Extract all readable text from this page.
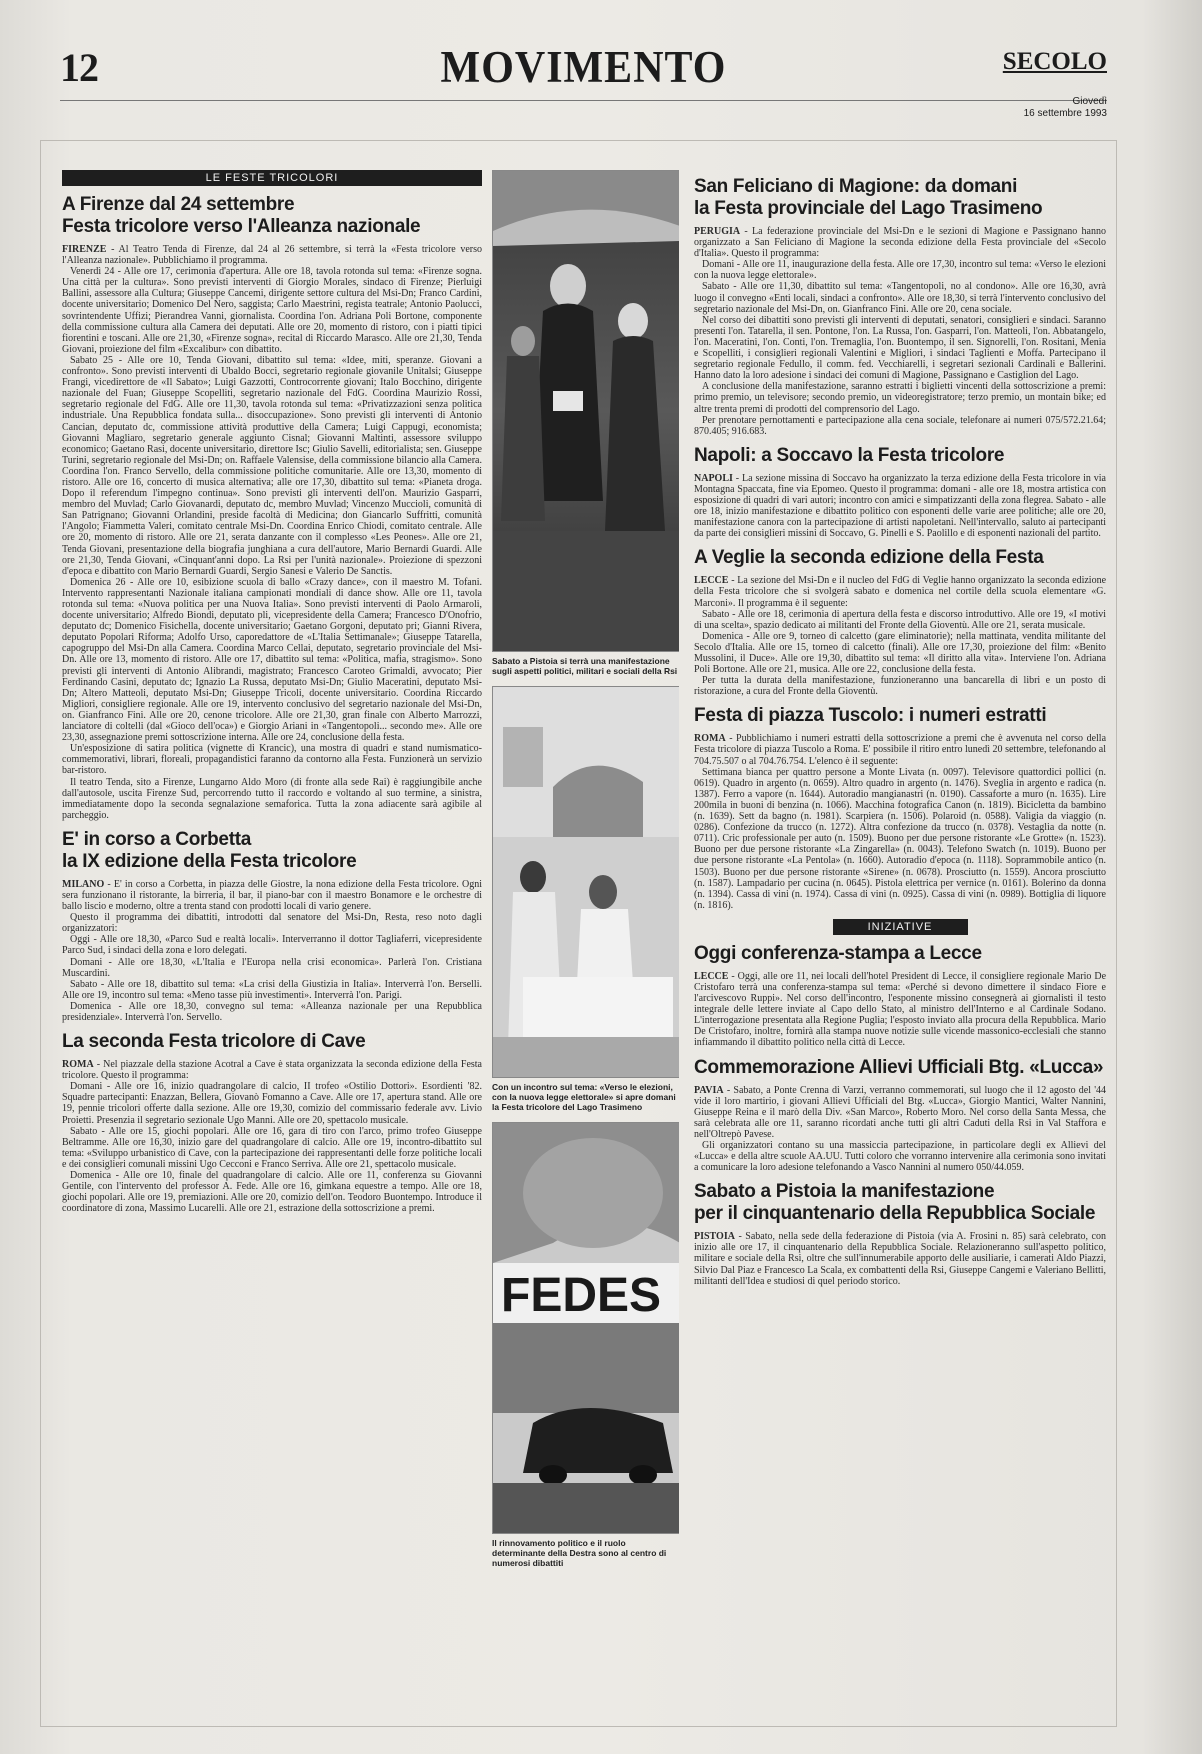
12	MOVIMENTO	SECOLO
Giovedì
16 settembre 1993
LE FESTE TRICOLORI
A Firenze dal 24 settembre
Festa tricolore verso l'Alleanza nazionale

FIRENZE - Al Teatro Tenda di Firenze, dal 24 al 26 settembre, si terrà la «Festa tricolore verso l'Alleanza nazionale». Pubblichiamo il programma.

Venerdì 24 - Alle ore 17, cerimonia d'apertura. Alle ore 18, tavola rotonda sul tema: «Firenze sogna. Una città per la cultura». Sono previsti interventi di Giorgio Morales, sindaco di Firenze; Pierluigi Ballini, assessore alla Cultura; Giuseppe Cancemi, dirigente settore cultura del Msi-Dn; Franco Cardini, docente universitario; Domenico Del Nero, saggista; Carlo Maestrini, regista teatrale; Antonio Paolucci, sovrintendente Uffizi; Pierandrea Vanni, giornalista. Coordina l'on. Adriana Poli Bortone, componente della commissione cultura alla Camera dei deputati. Alle ore 20, momento di ristoro, con i piatti tipici fiorentini e toscani. Alle ore 21,30, «Firenze sogna», recital di Riccardo Marasco. Alle ore 21,30, Tenda Giovani, proiezione del film «Excalibur» con dibattito.

Sabato 25 - Alle ore 10, Tenda Giovani, dibattito sul tema: «Idee, miti, speranze. Giovani a confronto». Sono previsti interventi di Ubaldo Bocci, segretario regionale giovanile Unitalsi; Giuseppe Frangi, vicedirettore de «Il Sabato»; Luigi Gazzotti, Controcorrente giovani; Italo Bocchino, dirigente nazionale del Fuan; Giuseppe Scopelliti, segretario nazionale del FdG. Coordina Maurizio Rossi, segretario regionale del FdG. Alle ore 11,30, tavola rotonda sul tema: «Privatizzazioni senza politica industriale. Una Repubblica fondata sulla... disoccupazione». Sono previsti gli interventi di Antonio Cancian, deputato dc, commissione attività produttive della Camera; Luigi Cappugi, economista; Giovanni Magliaro, segretario generale aggiunto Cisnal; Giovanni Maltinti, assessore sviluppo economico; Gaetano Rasi, docente universitario, direttore Isc; Giulio Savelli, editorialista; sen. Giuseppe Turini, segretario regionale del Msi-Dn; on. Raffaele Valensise, della commissione bilancio alla Camera. Coordina l'on. Franco Servello, della commissione politiche comunitarie. Alle ore 13,30, momento di ristoro. Alle ore 16, concerto di musica alternativa; alle ore 17,30, dibattito sul tema: «Pianeta droga. Dopo il referendum l'impegno continua». Sono previsti gli interventi dell'on. Maurizio Gasparri, membro del Muvlad; Carlo Giovanardi, deputato dc, membro Muvlad; Vincenzo Muccioli, comunità di San Patrignano; Giovanni Orlandini, preside facoltà di Medicina; don Giancarlo Suffritti, comunità l'Angolo; Fiammetta Valeri, comitato centrale Msi-Dn. Coordina Enrico Chiodi, comitato centrale. Alle ore 20, momento di ristoro. Alle ore 21, serata danzante con il complesso «Les Peones». Alle ore 21, Tenda Giovani, presentazione della biografia junghiana a cura dell'autore, Mario Bernardi Guardi. Alle ore 21,30, Tenda Giovani, «Cinquant'anni dopo. La Rsi per l'unità nazionale». Proiezione di spezzoni d'epoca e dibattito con Mario Bernardi Guardi, Sergio Sanesi e Valerio De Sanctis.

Domenica 26 - Alle ore 10, esibizione scuola di ballo «Crazy dance», con il maestro M. Tofani. Intervento rappresentanti Nazionale italiana campionati mondiali di dance show. Alle ore 11, tavola rotonda sul tema: «Nuova politica per una Nuova Italia». Sono previsti interventi di Paolo Armaroli, docente universitario; Alfredo Biondi, deputato pli, vicepresidente della Camera; Francesco D'Onofrio, deputato dc; Domenico Fisichella, docente universitario; Gaetano Gorgoni, deputato pri; Gianni Rivera, deputato Popolari Riforma; Adolfo Urso, caporedattore de «L'Italia Settimanale»; Giuseppe Tatarella, capogruppo del Msi-Dn alla Camera. Coordina Marco Cellai, deputato, segretario provinciale del Msi-Dn. Alle ore 13, momento di ristoro. Alle ore 17, dibattito sul tema: «Politica, mafia, stragismo». Sono previsti gli interventi di Antonio Alibrandi, magistrato; Francesco Caroteo Grimaldi, avvocato; Pier Ferdinando Casini, deputato dc; Ignazio La Russa, deputato Msi-Dn; Giulio Maceratini, deputato Msi-Dn; Altero Matteoli, deputato Msi-Dn; Giuseppe Tricoli, docente universitario. Coordina Riccardo Migliori, consigliere regionale. Alle ore 19, intervento conclusivo del segretario nazionale del Msi-Dn, on. Gianfranco Fini. Alle ore 20, cenone tricolore. Alle ore 21,30, gran finale con Alberto Marrozzi, lanciatore di coltelli (dal «Gioco dell'oca») e Giorgio Ariani in «Tangentopoli... secondo me». Alle ore 23,30, assegnazione premi sottoscrizione interna. Alle ore 24, conclusione della festa.

Un'esposizione di satira politica (vignette di Krancic), una mostra di quadri e stand numismatico-commemorativi, librari, floreali, propagandistici faranno da contorno alla Festa. Funzionerà un servizio bar-ristoro.

Il teatro Tenda, sito a Firenze, Lungarno Aldo Moro (di fronte alla sede Rai) è raggiungibile anche dall'autosole, uscita Firenze Sud, percorrendo tutto il raccordo e voltando al suo termine, a sinistra, immediatamente dopo la seconda segnalazione semaforica. Tutta la zona adiacente sarà agibile al parcheggio.

E' in corso a Corbetta
la IX edizione della Festa tricolore

MILANO - E' in corso a Corbetta, in piazza delle Giostre, la nona edizione della Festa tricolore. Ogni sera funzionano il ristorante, la birreria, il bar, il piano-bar con il maestro Bonamore e le orchestre di ballo liscio e moderno, oltre a trenta stand con prodotti locali di vario genere.

Questo il programma dei dibattiti, introdotti dal senatore del Msi-Dn, Resta, reso noto dagli organizzatori:

Oggi - Alle ore 18,30, «Parco Sud e realtà locali». Interverranno il dottor Tagliaferri, vicepresidente Parco Sud, i sindaci della zona e loro delegati.

Domani - Alle ore 18,30, «L'Italia e l'Europa nella crisi economica». Parlerà l'on. Cristiana Muscardini.

Sabato - Alle ore 18, dibattito sul tema: «La crisi della Giustizia in Italia». Interverrà l'on. Berselli. Alle ore 19, incontro sul tema: «Meno tasse più investimenti». Interverrà l'on. Parigi.

Domenica - Alle ore 18,30, convegno sul tema: «Alleanza nazionale per una Repubblica presidenziale». Interverrà l'on. Servello.

La seconda Festa tricolore di Cave

ROMA - Nel piazzale della stazione Acotral a Cave è stata organizzata la seconda edizione della Festa tricolore. Questo il programma:

Domani - Alle ore 16, inizio quadrangolare di calcio, II trofeo «Ostilio Dottori». Esordienti '82. Squadre partecipanti: Enazzan, Bellera, Giovanò Fomanno a Cave. Alle ore 17, apertura stand. Alle ore 19, pennie tricolori offerte dalla sezione. Alle ore 19,30, comizio del commissario federale avv. Livio Proietti. Presenzia il segretario sezionale Ugo Manni. Alle ore 20, spettacolo musicale.

Sabato - Alle ore 15, giochi popolari. Alle ore 16, gara di tiro con l'arco, primo trofeo Giuseppe Beltramme. Alle ore 16,30, inizio gare del quadrangolare di calcio. Alle ore 19, incontro-dibattito sul tema: «Sviluppo urbanistico di Cave, con la partecipazione dei rappresentanti delle forze politiche locali e dei consiglieri comunali missini Ugo Cecconi e Franco Serriva. Alle ore 21, spettacolo musicale.

Domenica - Alle ore 10, finale del quadrangolare di calcio. Alle ore 11, conferenza su Giovanni Gentile, con l'intervento del professor A. Fede. Alle ore 16, gimkana equestre a tempo. Alle ore 18, giochi popolari. Alle ore 19, premiazioni. Alle ore 20, comizio dell'on. Teodoro Buontempo. Introduce il coordinatore di zona, Massimo Lucarelli. Alle ore 21, estrazione della sottoscrizione a premi.

Sabato a Pistoia si terrà una manifestazione sugli aspetti politici, militari e sociali della Rsi
Con un incontro sul tema: «Verso le elezioni, con la nuova legge elettorale» si apre domani la Festa tricolore del Lago Trasimeno
FEDES
Il rinnovamento politico e il ruolo determinante della Destra sono al centro di numerosi dibattiti
San Feliciano di Magione: da domani
la Festa provinciale del Lago Trasimeno

PERUGIA - La federazione provinciale del Msi-Dn e le sezioni di Magione e Passignano hanno organizzato a San Feliciano di Magione la seconda edizione della Festa provinciale del «Secolo d'Italia». Questo il programma:

Domani - Alle ore 11, inaugurazione della festa. Alle ore 17,30, incontro sul tema: «Verso le elezioni con la nuova legge elettorale».

Sabato - Alle ore 11,30, dibattito sul tema: «Tangentopoli, no al condono». Alle ore 16,30, avrà luogo il convegno «Enti locali, sindaci a confronto». Alle ore 18,30, si terrà l'intervento conclusivo del segretario nazionale del Msi-Dn, on. Gianfranco Fini. Alle ore 20, cena sociale.

Nel corso dei dibattiti sono previsti gli interventi di deputati, senatori, consiglieri e sindaci. Saranno presenti l'on. Tatarella, il sen. Pontone, l'on. La Russa, l'on. Gasparri, l'on. Matteoli, l'on. Abbatangelo, l'on. Maceratini, l'on. Conti, l'on. Tremaglia, l'on. Buontempo, il sen. Signorelli, l'on. Rositani, Menia e Scopelliti, i consiglieri regionali Valentini e Migliori, i sindaci Taglienti e Moffa. Partecipano il segretario regionale Fedullo, il comm. fed. Vecchiarelli, i segretari sezionali Cardinali e Ballerini. Hanno dato la loro adesione i sindaci dei comuni di Magione, Passignano e Castiglion del Lago.

A conclusione della manifestazione, saranno estratti i biglietti vincenti della sottoscrizione a premi: primo premio, un televisore; secondo premio, un videoregistratore; terzo premio, un montain bike; ed altre trenta premi di prodotti del comprensorio del Lago.

Per prenotare pernottamenti e partecipazione alla cena sociale, telefonare ai numeri 075/572.21.64; 870.405; 916.683.

Napoli: a Soccavo la Festa tricolore

NAPOLI - La sezione missina di Soccavo ha organizzato la terza edizione della Festa tricolore in via Montagna Spaccata, fine via Epomeo. Questo il programma: domani - alle ore 18, mostra artistica con esposizione di quadri di vari autori; incontro con amici e simpatizzanti della zona flegrea. Sabato - alle ore 18, inizio manifestazione e dibattito politico con esponenti delle varie aree politiche; alle ore 20, manifestazione canora con la partecipazione di artisti napoletani. Nell'intervallo, saluto ai partecipanti da parte dei consiglieri missini di Soccavo, G. Pinelli e S. Paolillo e di esponenti nazionali del partito.

A Veglie la seconda edizione della Festa

LECCE - La sezione del Msi-Dn e il nucleo del FdG di Veglie hanno organizzato la seconda edizione della Festa tricolore che si svolgerà sabato e domenica nel cortile della scuola elementare «G. Marconi». Il programma è il seguente:

Sabato - Alle ore 18, cerimonia di apertura della festa e discorso introduttivo. Alle ore 19, «I motivi di una scelta», spazio dedicato ai militanti del Fronte della Gioventù. Alle ore 21, serata musicale.

Domenica - Alle ore 9, torneo di calcetto (gare eliminatorie); nella mattinata, vendita militante del Secolo d'Italia. Alle ore 15, torneo di calcetto (finali). Alle ore 17,30, proiezione del film: «Benito Mussolini, il Duce». Alle ore 19,30, dibattito sul tema: «Il diritto alla vita». Interviene l'on. Adriana Poli Bortone. Alle ore 21, musica. Alle ore 22, conclusione della festa.

Per tutta la durata della manifestazione, funzioneranno una bancarella di libri e un posto di ristorazione, a cura del Fronte della Gioventù.

Festa di piazza Tuscolo: i numeri estratti

ROMA - Pubblichiamo i numeri estratti della sottoscrizione a premi che è avvenuta nel corso della Festa tricolore di piazza Tuscolo a Roma. E' possibile il ritiro entro lunedì 20 settembre, telefonando al 704.75.507 o al 704.76.754. L'elenco è il seguente:

Settimana bianca per quattro persone a Monte Livata (n. 0097). Televisore quattordici pollici (n. 0619). Quadro in argento (n. 0659). Altro quadro in argento (n. 1476). Sveglia in argento e radica (n. 1387). Ferro a vapore (n. 1644). Autoradio mangianastri (n. 0190). Cassaforte a muro (n. 1635). Lire 200mila in buoni di benzina (n. 1066). Macchina fotografica Canon (n. 1819). Bicicletta da bambino (n. 1639). Sett da bagno (n. 1981). Scarpiera (n. 1506). Polaroid (n. 0588). Valigia da viaggio (n. 0286). Confezione da trucco (n. 1272). Altra confezione da trucco (n. 0378). Vestaglia da notte (n. 0711). Cric professionale per auto (n. 1509). Buono per due persone ristorante «Le Grotte» (n. 1523). Buono per due persone ristorante «La Zingarella» (n. 0043). Telefono Swatch (n. 1019). Buono per due persone ristorante «La Pentola» (n. 1660). Autoradio d'epoca (n. 1118). Soprammobile antico (n. 1503). Buono per due persone ristorante «Sirene» (n. 0678). Prosciutto (n. 1559). Ancora prosciutto (n. 1587). Lampadario per cucina (n. 0645). Pistola elettrica per vernice (n. 0161). Bolerino da donna (n. 1394). Cassa di vini (n. 1974). Cassa di vini (n. 0925). Cassa di vini (n. 0989). Bottiglia di liquore (n. 1816).

INIZIATIVE
Oggi conferenza-stampa a Lecce

LECCE - Oggi, alle ore 11, nei locali dell'hotel President di Lecce, il consigliere regionale Mario De Cristofaro terrà una conferenza-stampa sul tema: «Perché si devono dimettere il sindaco Fiore e l'arcivescovo Ruppi». Nel corso dell'incontro, l'esponente missino consegnerà ai giornalisti il testo integrale delle lettere inviate al Capo dello Stato, al ministro dell'Interno e al Cardinale Sodano. L'interrogazione presentata alla Regione Puglia; l'esposto inviato alla procura della Repubblica. Mario De Cristofaro, inoltre, fornirà alla stampa nuove notizie sulle vicende massonico-ecclesiali che stanno infiammando il dibattito politico nella città di Lecce.

Commemorazione Allievi Ufficiali Btg. «Lucca»

PAVIA - Sabato, a Ponte Crenna di Varzi, verranno commemorati, sul luogo che il 12 agosto del '44 vide il loro martirio, i giovani Allievi Ufficiali del Btg. «Lucca», Giorgio Mantici, Walter Nannini, Giuseppe Reina e il marò della Div. «San Marco», Roberto Moro. Nel corso della Santa Messa, che sarà celebrata alle ore 11, saranno ricordati anche tutti gli altri Caduti della Rsi in Val Staffora e nell'Oltrepò Pavese.

Gli organizzatori contano su una massiccia partecipazione, in particolare degli ex Allievi del «Lucca» e della altre scuole AA.UU. Tutti coloro che vorranno intervenire alla cerimonia sono invitati a comunicare la loro adesione telefonando a Vasco Nannini al numero 050/44.059.

Sabato a Pistoia la manifestazione
per il cinquantenario della Repubblica Sociale

PISTOIA - Sabato, nella sede della federazione di Pistoia (via A. Frosini n. 85) sarà celebrato, con inizio alle ore 17, il cinquantenario della Repubblica Sociale. Relazioneranno sull'aspetto politico, militare e sociale della Rsi, oltre che sull'innumerabile apporto delle ausiliarie, i camerati Aldo Piazzi, Silvio Dal Piaz e Francesco La Scala, ex combattenti della Rsi, Giuseppe Cangemi e Valeriano Bellitti, militanti dell'Idea e studiosi di quel periodo storico.
